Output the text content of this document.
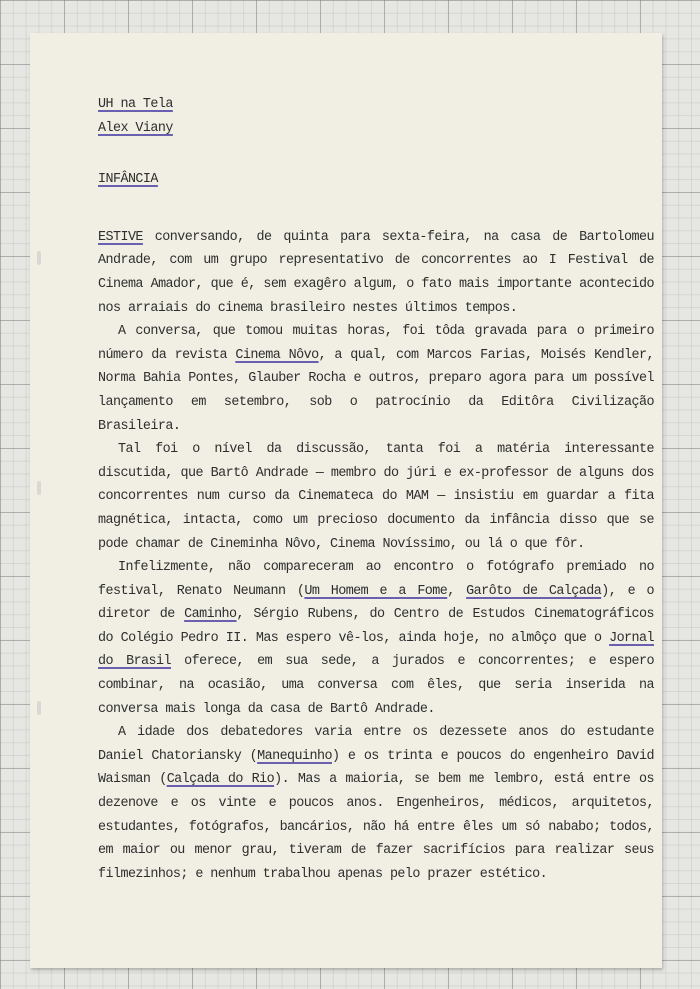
UH na Tela
Alex Viany
INFÂNCIA
ESTIVE conversando, de quinta para sexta-feira, na casa de Bartolomeu Andrade, com um grupo representativo de concorrentes ao I Festival de Cinema Amador, que é, sem exagêro algum, o fato mais importante acontecido nos arraiais do cinema brasileiro nestes últimos tempos.
A conversa, que tomou muitas horas, foi tôda gravada para o primeiro número da revista Cinema Nôvo, a qual, com Marcos Farias, Moisés Kendler, Norma Bahia Pontes, Glauber Rocha e outros, preparo agora para um possível lançamento em setembro, sob o patrocínio da Editôra Civilização Brasileira.
Tal foi o nível da discussão, tanta foi a matéria interessante discutida, que Bartô Andrade — membro do júri e ex-professor de alguns dos concorrentes num curso da Cinemateca do MAM — insistiu em guardar a fita magnética, intacta, como um precioso documento da infância disso que se pode chamar de Cineminha Nôvo, Cinema Novíssimo, ou lá o que fôr.
Infelizmente, não compareceram ao encontro o fotógrafo premiado no festival, Renato Neumann (Um Homem e a Fome, Garôto de Calçada), e o diretor de Caminho, Sérgio Rubens, do Centro de Estudos Cinematográficos do Colégio Pedro II. Mas espero vê-los, ainda hoje, no almôço que o Jornal do Brasil oferece, em sua sede, a jurados e concorrentes; e espero combinar, na ocasião, uma conversa com êles, que seria inserida na conversa mais longa da casa de Bartô Andrade.
A idade dos debatedores varia entre os dezessete anos do estudante Daniel Chatoriansky (Manequinho) e os trinta e poucos do engenheiro David Waisman (Calçada do Rio). Mas a maioria, se bem me lembro, está entre os dezenove e os vinte e poucos anos. Engenheiros, médicos, arquitetos, estudantes, fotógrafos, bancários, não há entre êles um só nababo; todos, em maior ou menor grau, tiveram de fazer sacrifícios para realizar seus filmezinhos; e nenhum trabalhou apenas pelo prazer estético.
